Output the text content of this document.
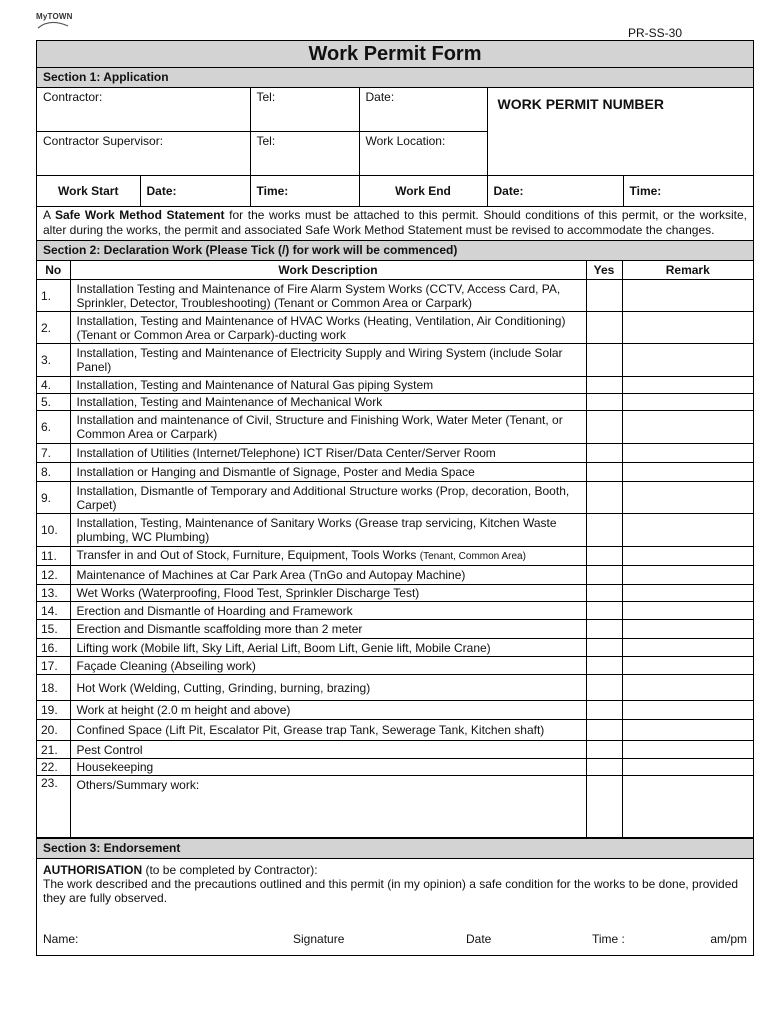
MyTOWN
PR-SS-30
Work Permit Form
Section 1: Application
Contractor:	Tel:	Date:	WORK PERMIT NUMBER
Contractor Supervisor:	Tel:	Work Location:	
Work Start	Date:	Time:	Work End	Date:	Time:
A Safe Work Method Statement for the works must be attached to this permit. Should conditions of this permit, or the worksite, alter during the works, the permit and associated Safe Work Method Statement must be revised to accommodate the changes.
Section 2: Declaration Work (Please Tick (/) for work will be commenced)
No	Work Description	Yes	Remark
1.	Installation Testing and Maintenance of Fire Alarm System Works (CCTV, Access Card, PA, Sprinkler, Detector, Troubleshooting) (Tenant or Common Area or Carpark)		
2.	Installation, Testing and Maintenance of HVAC Works (Heating, Ventilation, Air Conditioning) (Tenant or Common Area or Carpark)-ducting work		
3.	Installation, Testing and Maintenance of Electricity Supply and Wiring System (include Solar Panel)		
4.	Installation, Testing and Maintenance of Natural Gas piping System		
5.	Installation, Testing and Maintenance of Mechanical Work		
6.	Installation and maintenance of Civil, Structure and Finishing Work, Water Meter (Tenant, or Common Area or Carpark)		
7.	Installation of Utilities (Internet/Telephone) ICT Riser/Data Center/Server Room		
8.	Installation or Hanging and Dismantle of Signage, Poster and Media Space		
9.	Installation, Dismantle of Temporary and Additional Structure works (Prop, decoration, Booth, Carpet)		
10.	Installation, Testing, Maintenance of Sanitary Works (Grease trap servicing, Kitchen Waste plumbing, WC Plumbing)		
11.	Transfer in and Out of Stock, Furniture, Equipment, Tools Works (Tenant, Common Area)		
12.	Maintenance of Machines at Car Park Area (TnGo and Autopay Machine)		
13.	Wet Works (Waterproofing, Flood Test, Sprinkler Discharge Test)		
14.	Erection and Dismantle of Hoarding and Framework		
15.	Erection and Dismantle scaffolding more than 2 meter		
16.	Lifting work (Mobile lift, Sky Lift, Aerial Lift, Boom Lift, Genie lift, Mobile Crane)		
17.	Façade Cleaning (Abseiling work)		
18.	Hot Work (Welding, Cutting, Grinding, burning, brazing)		
19.	Work at height (2.0 m height and above)		
20.	Confined Space (Lift Pit, Escalator Pit, Grease trap Tank, Sewerage Tank, Kitchen shaft)		
21.	Pest Control		
22.	Housekeeping		
23.	Others/Summary work:		
Section 3: Endorsement
AUTHORISATION (to be completed by Contractor):
The work described and the precautions outlined and this permit (in my opinion) a safe condition for the works to be done, provided they are fully observed.
Name:	Signature	Date	Time :	am/pm
